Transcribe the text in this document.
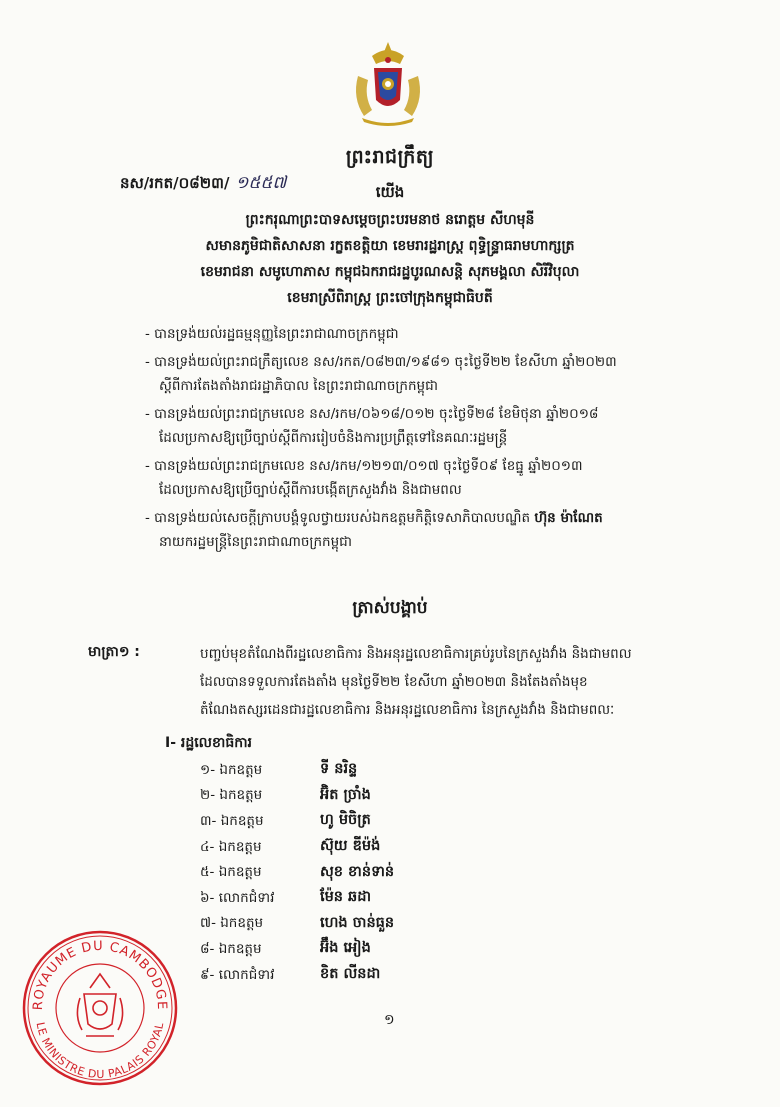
ព្រះរាជក្រឹត្យ
នស/រកត/០៨២៣/ ១៥៥៧	យើង
ព្រះករុណាព្រះបាទសម្ដេចព្រះបរមនាថ នរោត្តម សីហមុនី
សមានភូមិជាតិសាសនា រក្ខតខត្តិយា ខេមរារដ្ឋរាស្ត្រ ពុទ្ធិន្ទ្រាធរាមហាក្សត្រ
ខេមរាជនា សមូហោភាស កម្ពុជឯករាជរដ្ឋបូរណសន្តិ សុភមង្គលា សិរីវិបុលា
ខេមរាស្រីពិរាស្ត្រ ព្រះចៅក្រុងកម្ពុជាធិបតី
- បានទ្រង់យល់រដ្ឋធម្មនុញ្ញនៃព្រះរាជាណាចក្រកម្ពុជា
- បានទ្រង់យល់ព្រះរាជក្រឹត្យលេខ នស/រកត/០៨២៣/១៩៨១ ចុះថ្ងៃទី២២ ខែសីហា ឆ្នាំ២០២៣
ស្ដីពីការតែងតាំងរាជរដ្ឋាភិបាល នៃព្រះរាជាណាចក្រកម្ពុជា
- បានទ្រង់យល់ព្រះរាជក្រមលេខ នស/រកម/០៦១៨/០១២ ចុះថ្ងៃទី២៨ ខែមិថុនា ឆ្នាំ២០១៨
ដែលប្រកាសឱ្យប្រើច្បាប់ស្ដីពីការរៀបចំនិងការប្រព្រឹត្តទៅនៃគណៈរដ្ឋមន្ត្រី
- បានទ្រង់យល់ព្រះរាជក្រមលេខ នស/រកម/១២១៣/០១៧ ចុះថ្ងៃទី០៩ ខែធ្នូ ឆ្នាំ២០១៣
ដែលប្រកាសឱ្យប្រើច្បាប់ស្ដីពីការបង្កើតក្រសួងវាំង និងជាមពល
- បានទ្រង់យល់សេចក្ដីក្រាបបង្គំទូលថ្វាយរបស់ឯកឧត្ដមកិត្តិទេសាភិបាលបណ្ឌិត ហ៊ុន ម៉ាណែត
នាយករដ្ឋមន្ត្រីនៃព្រះរាជាណាចក្រកម្ពុជា
ត្រាស់បង្គាប់
មាត្រា១ :	បញ្ចប់មុខតំណែងពីរដ្ឋលេខាធិការ និងអនុរដ្ឋលេខាធិការគ្រប់រូបនៃក្រសួងវាំង និងជាមពល
ដែលបានទទួលការតែងតាំង មុនថ្ងៃទី២២ ខែសីហា ឆ្នាំ២០២៣ និងតែងតាំងមុខ
តំណែងតស្សរដេនជារដ្ឋលេខាធិការ និងអនុរដ្ឋលេខាធិការ នៃក្រសួងវាំង និងជាមពលៈ
I- រដ្ឋលេខាធិការ
១- ឯកឧត្តម	ទី នរិន្ទ
២- ឯកឧត្តម	អ៊ិត ច្រាំង
៣- ឯកឧត្តម	ហូ មិចិត្រ
៤- ឯកឧត្តម	ស៊ុយ ឌីម៉ង់
៥- ឯកឧត្តម	សុខ ខាន់ទាន់
៦- លោកជំទាវ	ម៉ែន ឆដា
៧- ឯកឧត្តម	ហេង ចាន់ធួន
៨- ឯកឧត្តម	អ៊ឹង អៀង
៩- លោកជំទាវ	ខិត លីនដា
១
ROYAUME DU CAMBODGE
LE MINISTRE DU PALAIS ROYAL
